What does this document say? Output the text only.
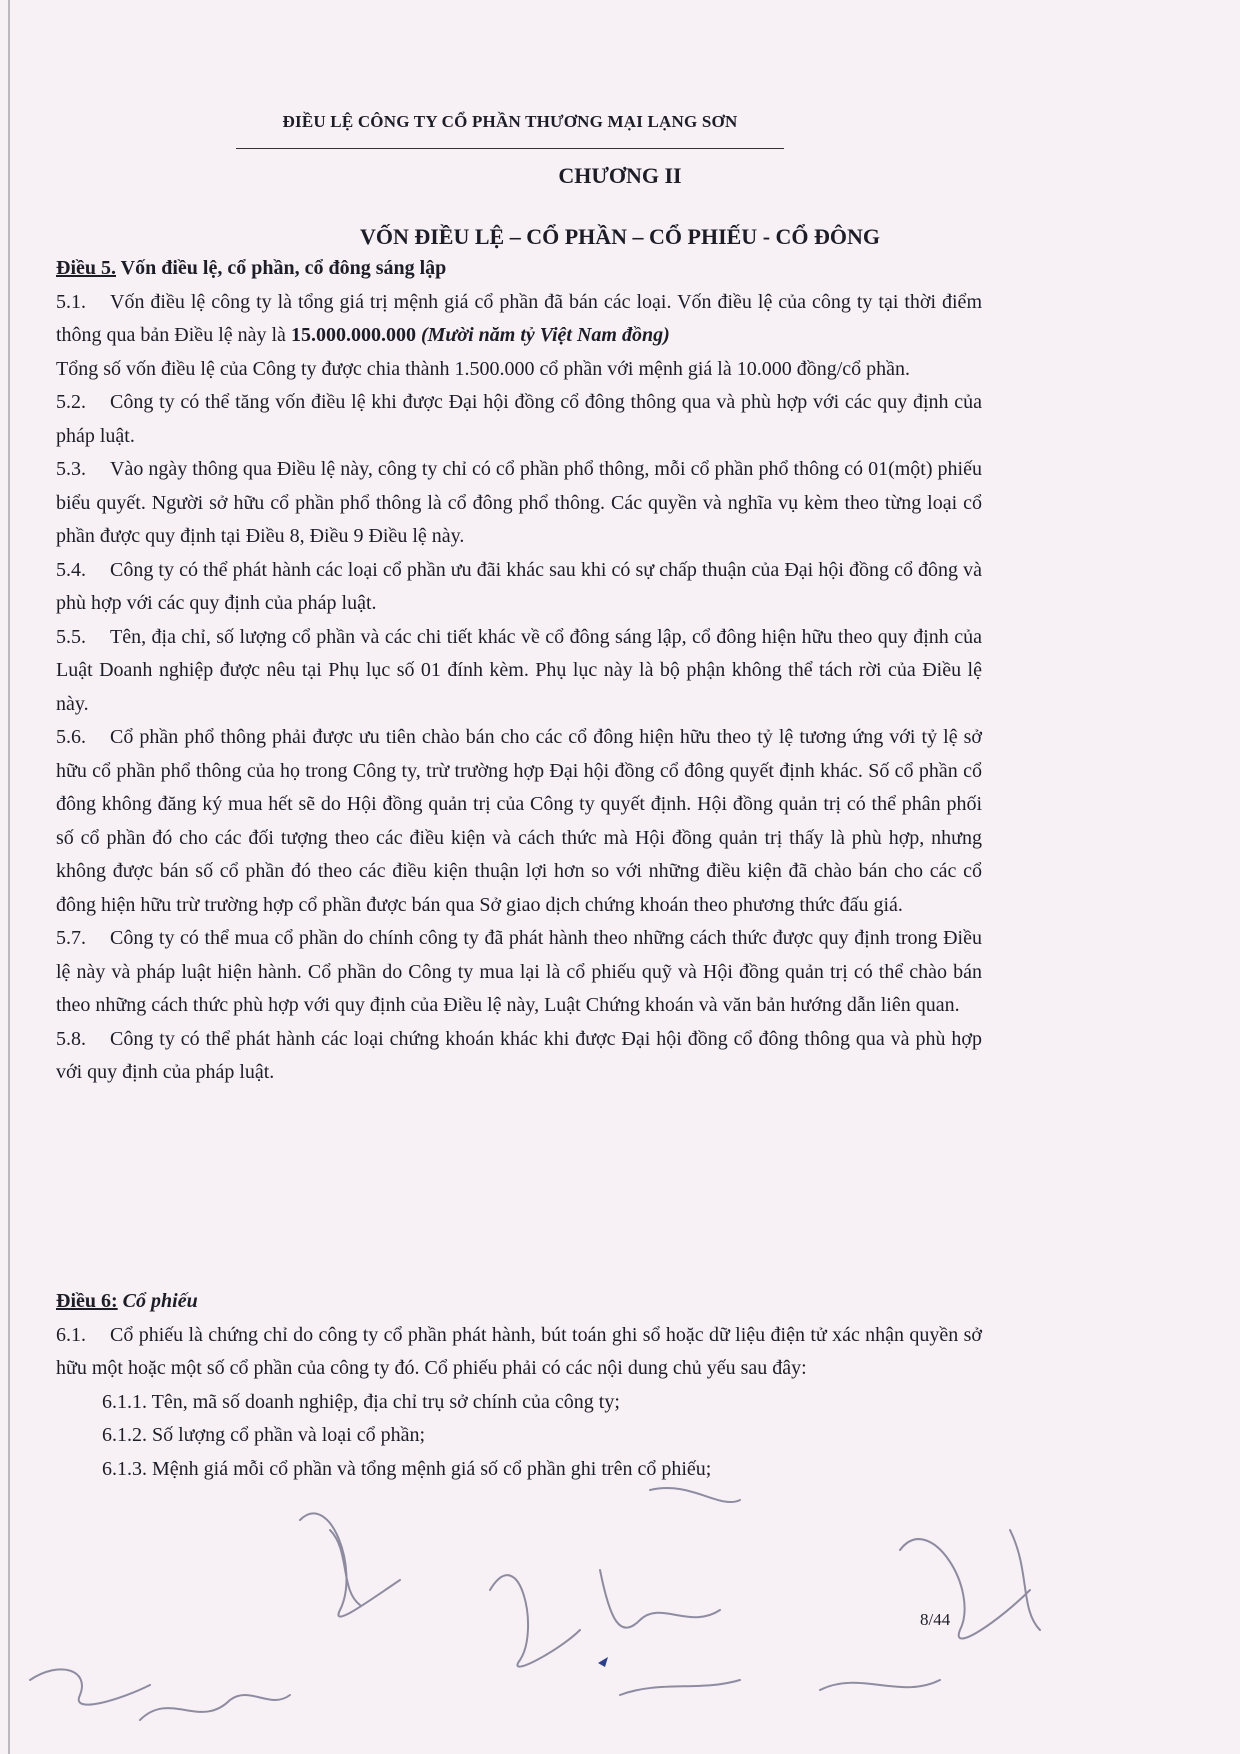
ĐIỀU LỆ CÔNG TY CỔ PHẦN THƯƠNG MẠI LẠNG SƠN
CHƯƠNG II
VỐN ĐIỀU LỆ – CỔ PHẦN – CỔ PHIẾU - CỔ ĐÔNG

Điều 5. Vốn điều lệ, cổ phần, cổ đông sáng lập

5.1. Vốn điều lệ công ty là tổng giá trị mệnh giá cổ phần đã bán các loại. Vốn điều lệ của công ty tại thời điểm thông qua bản Điều lệ này là 15.000.000.000 (Mười năm tỷ Việt Nam đồng)

Tổng số vốn điều lệ của Công ty được chia thành 1.500.000 cổ phần với mệnh giá là 10.000 đồng/cổ phần.

5.2. Công ty có thể tăng vốn điều lệ khi được Đại hội đồng cổ đông thông qua và phù hợp với các quy định của pháp luật.

5.3. Vào ngày thông qua Điều lệ này, công ty chỉ có cổ phần phổ thông, mỗi cổ phần phổ thông có 01(một) phiếu biểu quyết. Người sở hữu cổ phần phổ thông là cổ đông phổ thông. Các quyền và nghĩa vụ kèm theo từng loại cổ phần được quy định tại Điều 8, Điều 9 Điều lệ này.

5.4. Công ty có thể phát hành các loại cổ phần ưu đãi khác sau khi có sự chấp thuận của Đại hội đồng cổ đông và phù hợp với các quy định của pháp luật.

5.5. Tên, địa chỉ, số lượng cổ phần và các chi tiết khác về cổ đông sáng lập, cổ đông hiện hữu theo quy định của Luật Doanh nghiệp được nêu tại Phụ lục số 01 đính kèm. Phụ lục này là bộ phận không thể tách rời của Điều lệ này.

5.6. Cổ phần phổ thông phải được ưu tiên chào bán cho các cổ đông hiện hữu theo tỷ lệ tương ứng với tỷ lệ sở hữu cổ phần phổ thông của họ trong Công ty, trừ trường hợp Đại hội đồng cổ đông quyết định khác. Số cổ phần cổ đông không đăng ký mua hết sẽ do Hội đồng quản trị của Công ty quyết định. Hội đồng quản trị có thể phân phối số cổ phần đó cho các đối tượng theo các điều kiện và cách thức mà Hội đồng quản trị thấy là phù hợp, nhưng không được bán số cổ phần đó theo các điều kiện thuận lợi hơn so với những điều kiện đã chào bán cho các cổ đông hiện hữu trừ trường hợp cổ phần được bán qua Sở giao dịch chứng khoán theo phương thức đấu giá.

5.7. Công ty có thể mua cổ phần do chính công ty đã phát hành theo những cách thức được quy định trong Điều lệ này và pháp luật hiện hành. Cổ phần do Công ty mua lại là cổ phiếu quỹ và Hội đồng quản trị có thể chào bán theo những cách thức phù hợp với quy định của Điều lệ này, Luật Chứng khoán và văn bản hướng dẫn liên quan.

5.8. Công ty có thể phát hành các loại chứng khoán khác khi được Đại hội đồng cổ đông thông qua và phù hợp với quy định của pháp luật.

Điều 6: Cổ phiếu

6.1. Cổ phiếu là chứng chỉ do công ty cổ phần phát hành, bút toán ghi sổ hoặc dữ liệu điện tử xác nhận quyền sở hữu một hoặc một số cổ phần của công ty đó. Cổ phiếu phải có các nội dung chủ yếu sau đây:

6.1.1. Tên, mã số doanh nghiệp, địa chỉ trụ sở chính của công ty;

6.1.2. Số lượng cổ phần và loại cổ phần;

6.1.3. Mệnh giá mỗi cổ phần và tổng mệnh giá số cổ phần ghi trên cổ phiếu;

8/44
